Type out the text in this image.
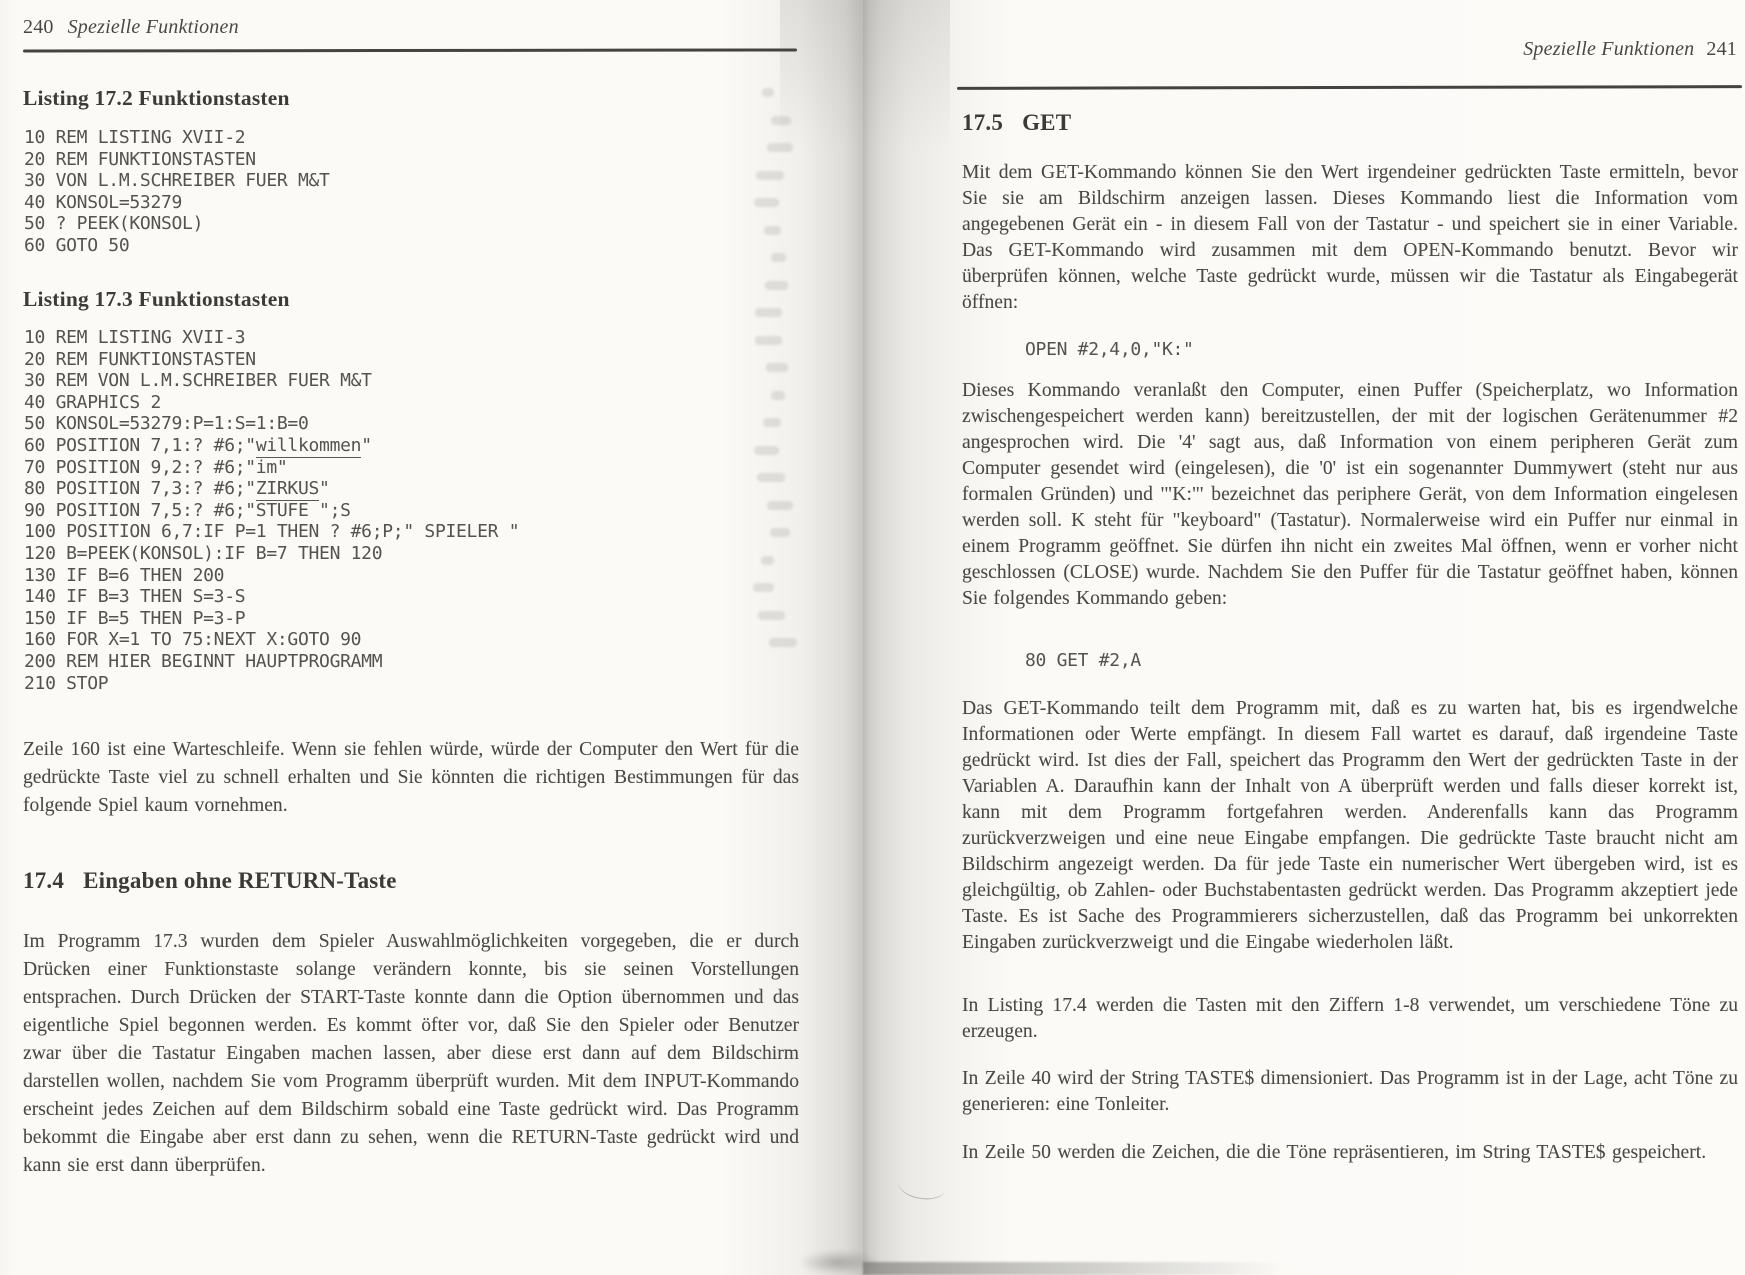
240 Spezielle Funktionen
Listing 17.2 Funktionstasten
10 REM LISTING XVII-2
20 REM FUNKTIONSTASTEN
30 VON L.M.SCHREIBER FUER M&T
40 KONSOL=53279
50 ? PEEK(KONSOL)
60 GOTO 50
Listing 17.3 Funktionstasten
10 REM LISTING XVII-3
20 REM FUNKTIONSTASTEN
30 REM VON L.M.SCHREIBER FUER M&T
40 GRAPHICS 2
50 KONSOL=53279:P=1:S=1:B=0
60 POSITION 7,1:? #6;"willkommen"
70 POSITION 9,2:? #6;"im"
80 POSITION 7,3:? #6;"ZIRKUS"
90 POSITION 7,5:? #6;"STUFE ";S
100 POSITION 6,7:IF P=1 THEN ? #6;P;" SPIELER "
120 B=PEEK(KONSOL):IF B=7 THEN 120
130 IF B=6 THEN 200
140 IF B=3 THEN S=3-S
150 IF B=5 THEN P=3-P
160 FOR X=1 TO 75:NEXT X:GOTO 90
200 REM HIER BEGINNT HAUPTPROGRAMM
210 STOP

Zeile 160 ist eine Warteschleife. Wenn sie fehlen würde, würde der Computer den Wert für die gedrückte Taste viel zu schnell erhalten und Sie könnten die richtigen Bestimmungen für das folgende Spiel kaum vornehmen.

17.4 Eingaben ohne RETURN-Taste

Im Programm 17.3 wurden dem Spieler Auswahlmöglichkeiten vorgegeben, die er durch Drücken einer Funktionstaste solange verändern konnte, bis sie seinen Vorstellungen entsprachen. Durch Drücken der START-Taste konnte dann die Option übernommen und das eigentliche Spiel begonnen werden. Es kommt öfter vor, daß Sie den Spieler oder Benutzer zwar über die Tastatur Eingaben machen lassen, aber diese erst dann auf dem Bildschirm darstellen wollen, nachdem Sie vom Programm überprüft wurden. Mit dem INPUT-Kommando erscheint jedes Zeichen auf dem Bildschirm sobald eine Taste gedrückt wird. Das Programm bekommt die Eingabe aber erst dann zu sehen, wenn die RETURN-Taste gedrückt wird und kann sie erst dann überprüfen.

Spezielle Funktionen 241
17.5 GET

Mit dem GET-Kommando können Sie den Wert irgendeiner gedrückten Taste ermitteln, bevor Sie sie am Bildschirm anzeigen lassen. Dieses Kommando liest die Information vom angegebenen Gerät ein - in diesem Fall von der Tastatur - und speichert sie in einer Variable. Das GET-Kommando wird zusammen mit dem OPEN-Kommando benutzt. Bevor wir überprüfen können, welche Taste gedrückt wurde, müssen wir die Tastatur als Eingabegerät öffnen:

OPEN #2,4,0,"K:"

Dieses Kommando veranlaßt den Computer, einen Puffer (Speicherplatz, wo Information zwischengespeichert werden kann) bereitzustellen, der mit der logischen Gerätenummer #2 angesprochen wird. Die '4' sagt aus, daß Information von einem peripheren Gerät zum Computer gesendet wird (eingelesen), die '0' ist ein sogenannter Dummywert (steht nur aus formalen Gründen) und '"K:"' bezeichnet das periphere Gerät, von dem Information eingelesen werden soll. K steht für "keyboard" (Tastatur). Normalerweise wird ein Puffer nur einmal in einem Programm geöffnet. Sie dürfen ihn nicht ein zweites Mal öffnen, wenn er vorher nicht geschlossen (CLOSE) wurde. Nachdem Sie den Puffer für die Tastatur geöffnet haben, können Sie folgendes Kommando geben:

80 GET #2,A

Das GET-Kommando teilt dem Programm mit, daß es zu warten hat, bis es irgendwelche Informationen oder Werte empfängt. In diesem Fall wartet es darauf, daß irgendeine Taste gedrückt wird. Ist dies der Fall, speichert das Programm den Wert der gedrückten Taste in der Variablen A. Daraufhin kann der Inhalt von A überprüft werden und falls dieser korrekt ist, kann mit dem Programm fortgefahren werden. Anderenfalls kann das Programm zurückverzweigen und eine neue Eingabe empfangen. Die gedrückte Taste braucht nicht am Bildschirm angezeigt werden. Da für jede Taste ein numerischer Wert übergeben wird, ist es gleichgültig, ob Zahlen- oder Buchstabentasten gedrückt werden. Das Programm akzeptiert jede Taste. Es ist Sache des Programmierers sicherzustellen, daß das Programm bei unkorrekten Eingaben zurückverzweigt und die Eingabe wiederholen läßt.

In Listing 17.4 werden die Tasten mit den Ziffern 1-8 verwendet, um verschiedene Töne zu erzeugen.

In Zeile 40 wird der String TASTE$ dimensioniert. Das Programm ist in der Lage, acht Töne zu generieren: eine Tonleiter.

In Zeile 50 werden die Zeichen, die die Töne repräsentieren, im String TASTE$ gespeichert.
